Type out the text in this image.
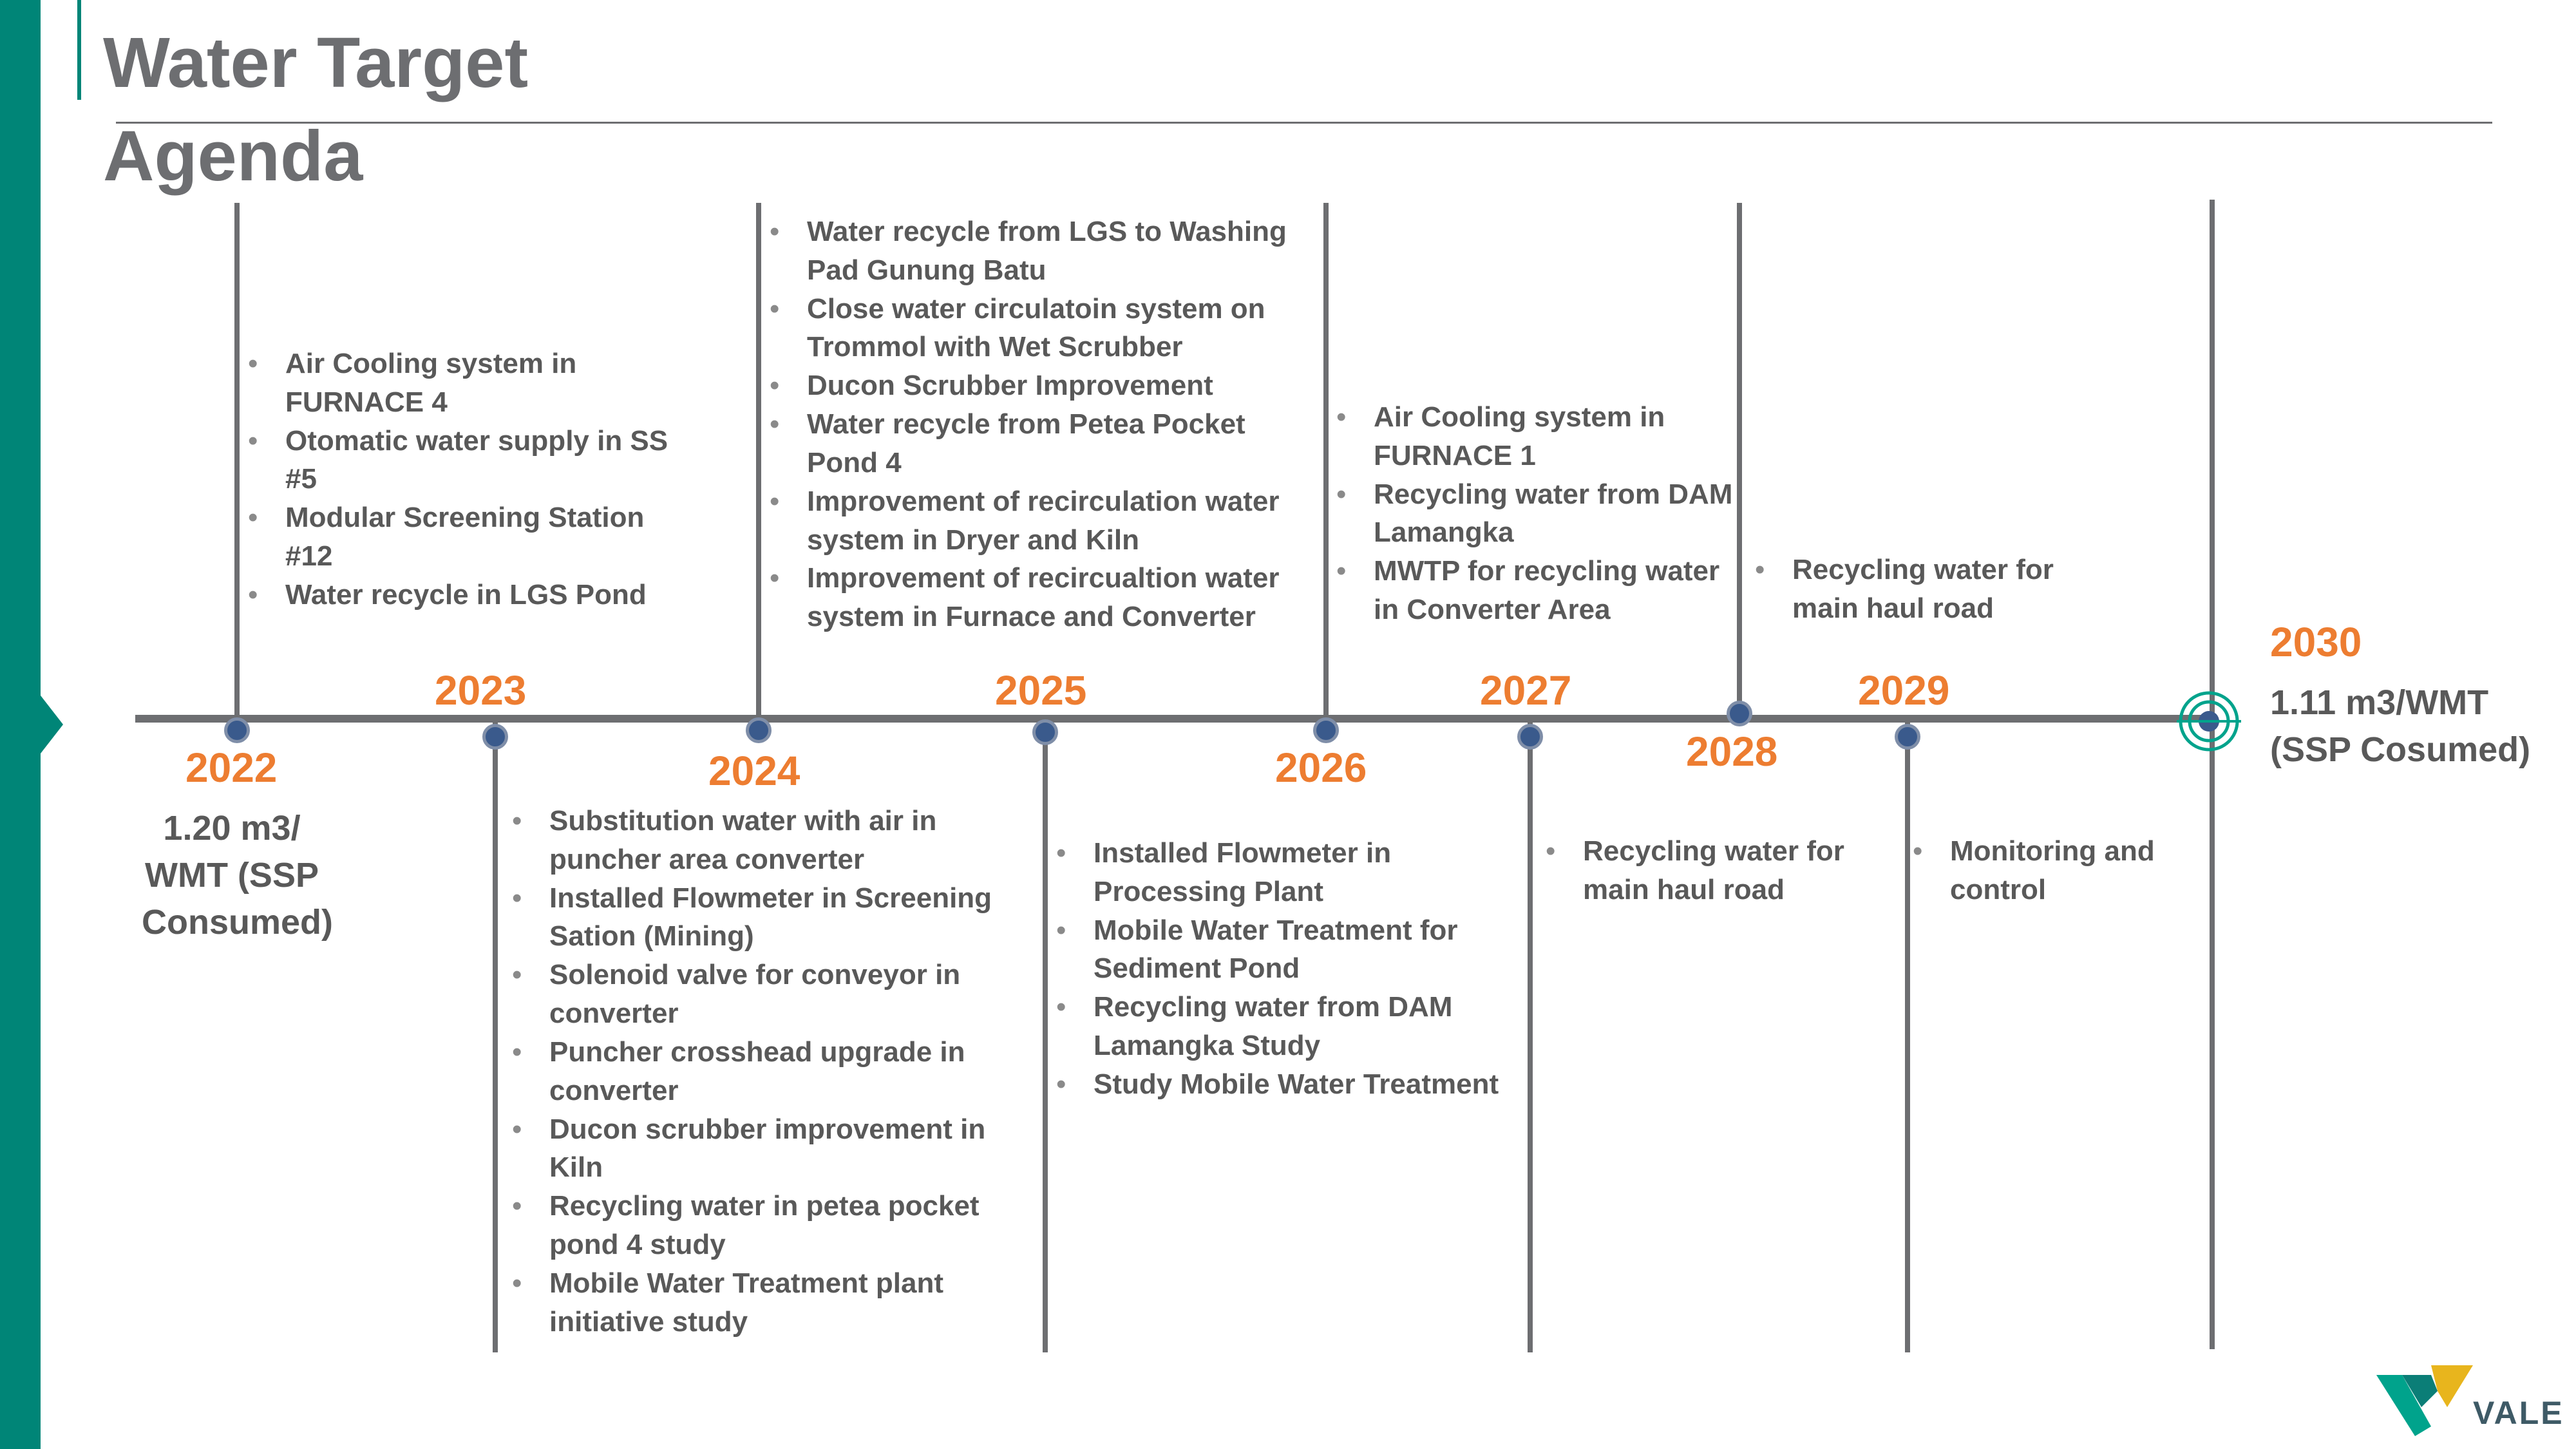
Water Target
Agenda
2022
2023
2024
2025
2026
2027
2028
2029
2030
1.20 m3/
WMT (SSP
Consumed)
1.11 m3/WMT
(SSP Cosumed)
• Air Cooling system in FURNACE 4
• Otomatic water supply in SS #5
• Modular Screening Station #12
• Water recycle in LGS Pond
• Substitution water with air in puncher area converter
• Installed Flowmeter in Screening Sation (Mining)
• Solenoid valve for conveyor in converter
• Puncher crosshead upgrade in converter
• Ducon scrubber improvement in Kiln
• Recycling water in petea pocket pond 4 study
• Mobile Water Treatment plant initiative study
• Water recycle from LGS to Washing Pad Gunung Batu
• Close water circulatoin system on Trommol with Wet Scrubber
• Ducon Scrubber Improvement
• Water recycle from Petea Pocket Pond 4
• Improvement of recirculation water system in Dryer and Kiln
• Improvement of recircualtion water system in Furnace and Converter
• Installed Flowmeter in Processing Plant
• Mobile Water Treatment for Sediment Pond
• Recycling water from DAM Lamangka Study
• Study Mobile Water Treatment
• Air Cooling system in FURNACE 1
• Recycling water from DAM Lamangka
• MWTP for recycling water in Converter Area
• Recycling water for main haul road
• Recycling water for main haul road
• Monitoring and control
VALE
